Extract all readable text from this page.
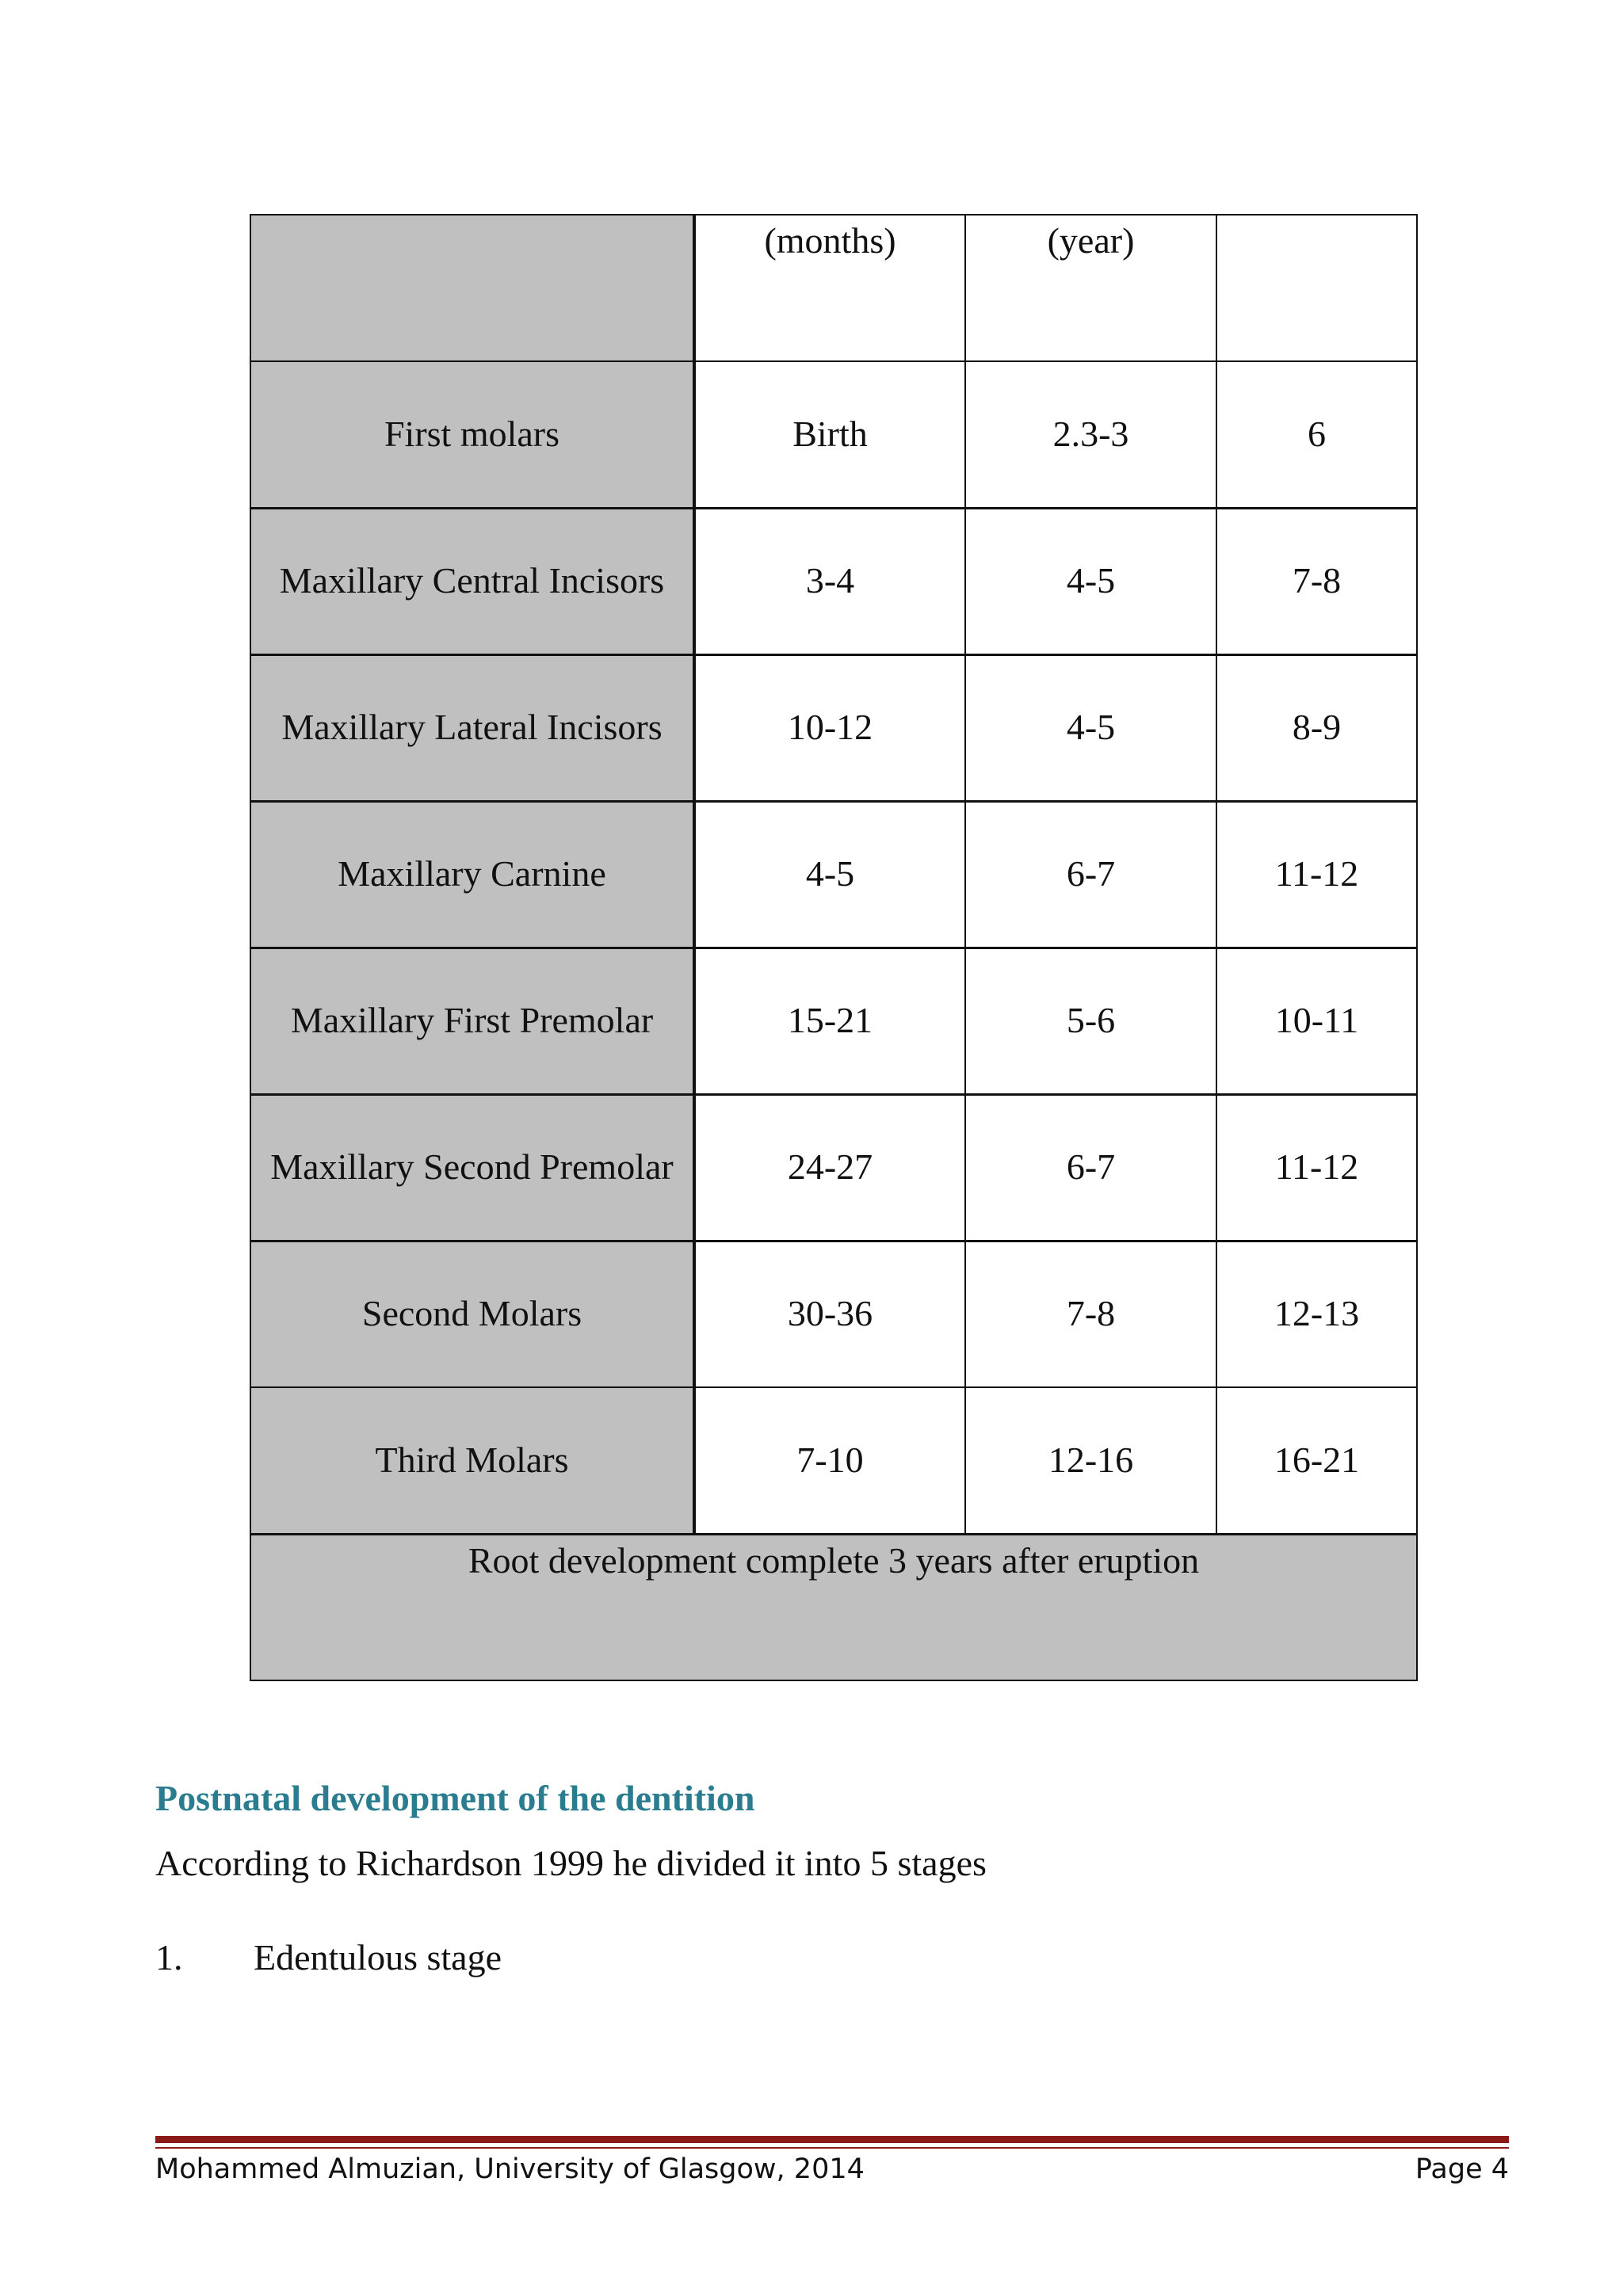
	(months)	(year)	
First molars	Birth	2.3-3	6
Maxillary Central Incisors	3-4	4-5	7-8
Maxillary Lateral Incisors	10-12	4-5	8-9
Maxillary Carnine	4-5	6-7	11-12
Maxillary First Premolar	15-21	5-6	10-11
Maxillary Second Premolar	24-27	6-7	11-12
Second Molars	30-36	7-8	12-13
Third Molars	7-10	12-16	16-21
Root development complete 3 years after eruption			
Postnatal development of the dentition

According to Richardson 1999 he divided it into 5 stages

1. Edentulous stage

Mohammed Almuzian, University of Glasgow, 2014	Page 4
